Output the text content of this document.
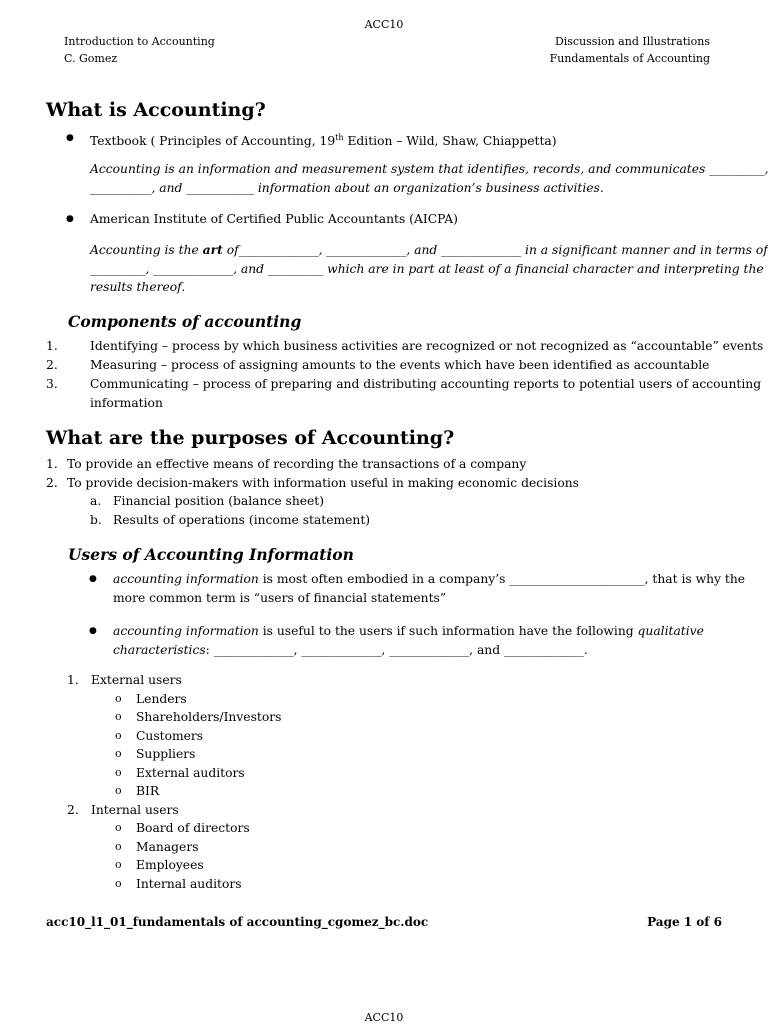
ACC10
Introduction to Accounting
C. Gomez
Discussion and Illustrations
Fundamentals of Accounting
What is Accounting?
● Textbook ( Principles of Accounting, 19th Edition – Wild, Shaw, Chiappetta)
Accounting is an information and measurement system that identifies, records, and communicates _________,
__________, and ___________ information about an organization’s business activities.
● American Institute of Certified Public Accountants (AICPA)
Accounting is the art of_____________, _____________, and _____________ in a significant manner and in terms of
_________, _____________, and _________ which are in part at least of a financial character and interpreting the
results thereof.
Components of accounting
1.	Identifying – process by which business activities are recognized or not recognized as “accountable” events
2.	Measuring – process of assigning amounts to the events which have been identified as accountable
3.	Communicating – process of preparing and distributing accounting reports to potential users of accounting
information
What are the purposes of Accounting?
1. To provide an effective means of recording the transactions of a company
2. To provide decision-makers with information useful in making economic decisions
a. Financial position (balance sheet)
b. Results of operations (income statement)
Users of Accounting Information
● accounting information is most often embodied in a company’s ______________________, that is why the
more common term is “users of financial statements”
● accounting information is useful to the users if such information have the following qualitative
characteristics: _____________, _____________, _____________, and _____________.
1. External users
o Lenders
o Shareholders/Investors
o Customers
o Suppliers
o External auditors
o BIR
2. Internal users
o Board of directors
o Managers
o Employees
o Internal auditors
acc10_l1_01_fundamentals of accounting_cgomez_bc.doc	Page 1 of 6
ACC10
